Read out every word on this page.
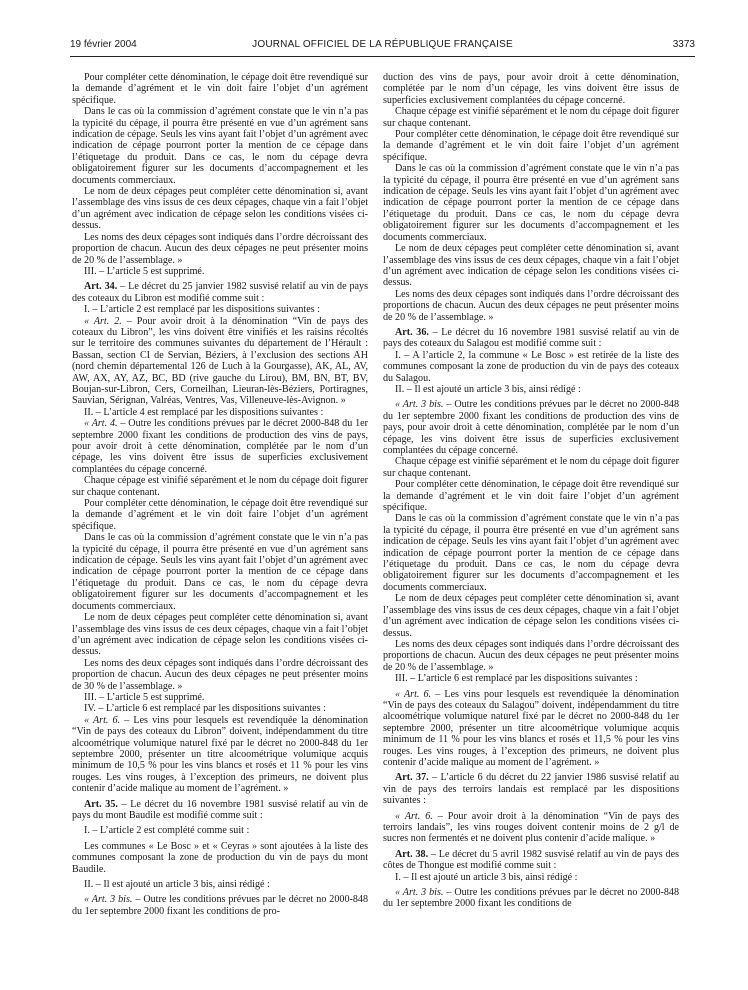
19 février 2004	JOURNAL OFFICIEL DE LA RÉPUBLIQUE FRANÇAISE	3373

Pour compléter cette dénomination, le cépage doit être revendiqué sur la demande d’agrément et le vin doit faire l’objet d’un agrément spécifique.

Dans le cas où la commission d’agrément constate que le vin n’a pas la typicité du cépage, il pourra être présenté en vue d’un agrément sans indication de cépage. Seuls les vins ayant fait l’objet d’un agrément avec indication de cépage pourront porter la mention de ce cépage dans l’étiquetage du produit. Dans ce cas, le nom du cépage devra obligatoirement figurer sur les documents d’accompagnement et les documents commerciaux.

Le nom de deux cépages peut compléter cette dénomination si, avant l’assemblage des vins issus de ces deux cépages, chaque vin a fait l’objet d’un agrément avec indication de cépage selon les conditions visées ci-dessus.

Les noms des deux cépages sont indiqués dans l’ordre décroissant des proportion de chacun. Aucun des deux cépages ne peut présenter moins de 20 % de l’assemblage. »

III. – L’article 5 est supprimé.

Art. 34. – Le décret du 25 janvier 1982 susvisé relatif au vin de pays des coteaux du Libron est modifié comme suit :

I. – L’article 2 est remplacé par les dispositions suivantes :

« Art. 2. – Pour avoir droit à la dénomination “Vin de pays des coteaux du Libron”, les vins doivent être vinifiés et les raisins récoltés sur le territoire des communes suivantes du département de l’Hérault : Bassan, section CI de Servian, Béziers, à l’exclusion des sections AH (nord chemin départemental 126 de Luch à la Gourgasse), AK, AL, AV, AW, AX, AY, AZ, BC, BD (rive gauche du Lirou), BM, BN, BT, BV, Boujan-sur-Libron, Cers, Corneilhan, Lieuran-lès-Béziers, Portiragnes, Sauvian, Sérignan, Valréas, Ventres, Vas, Villeneuve-lès-Avignon. »

II. – L’article 4 est remplacé par les dispositions suivantes :

« Art. 4. – Outre les conditions prévues par le décret 2000-848 du 1er septembre 2000 fixant les conditions de production des vins de pays, pour avoir droit à cette dénomination, complétée par le nom d’un cépage, les vins doivent être issus de superficies exclusivement complantées du cépage concerné.

Chaque cépage est vinifié séparément et le nom du cépage doit figurer sur chaque contenant.

Pour compléter cette dénomination, le cépage doit être revendiqué sur la demande d’agrément et le vin doit faire l’objet d’un agrément spécifique.

Dans le cas où la commission d’agrément constate que le vin n’a pas la typicité du cépage, il pourra être présenté en vue d’un agrément sans indication de cépage. Seuls les vins ayant fait l’objet d’un agrément avec indication de cépage pourront porter la mention de ce cépage dans l’étiquetage du produit. Dans ce cas, le nom du cépage devra obligatoirement figurer sur les documents d’accompagnement et les documents commerciaux.

Le nom de deux cépages peut compléter cette dénomination si, avant l’assemblage des vins issus de ces deux cépages, chaque vin a fait l’objet d’un agrément avec indication de cépage selon les conditions visées ci-dessus.

Les noms des deux cépages sont indiqués dans l’ordre décroissant des proportion de chacun. Aucun des deux cépages ne peut présenter moins de 30 % de l’assemblage. »

III. – L’article 5 est supprimé.

IV. – L’article 6 est remplacé par les dispositions suivantes :

« Art. 6. – Les vins pour lesquels est revendiquée la dénomination “Vin de pays des coteaux du Libron” doivent, indépendamment du titre alcoométrique volumique naturel fixé par le décret no 2000-848 du 1er septembre 2000, présenter un titre alcoométrique volumique acquis minimum de 10,5 % pour les vins blancs et rosés et 11 % pour les vins rouges. Les vins rouges, à l’exception des primeurs, ne doivent plus contenir d’acide malique au moment de l’agrément. »

Art. 35. – Le décret du 16 novembre 1981 susvisé relatif au vin de pays du mont Baudile est modifié comme suit :

I. – L’article 2 est complété comme suit :

Les communes « Le Bosc » et « Ceyras » sont ajoutées à la liste des communes composant la zone de production du vin de pays du mont Baudile.

II. – Il est ajouté un article 3 bis, ainsi rédigé :

« Art. 3 bis. – Outre les conditions prévues par le décret no 2000-848 du 1er septembre 2000 fixant les conditions de pro-

duction des vins de pays, pour avoir droit à cette dénomination, complétée par le nom d’un cépage, les vins doivent être issus de superficies exclusivement complantées du cépage concerné.

Chaque cépage est vinifié séparément et le nom du cépage doit figurer sur chaque contenant.

Pour compléter cette dénomination, le cépage doit être revendiqué sur la demande d’agrément et le vin doit faire l’objet d’un agrément spécifique.

Dans le cas où la commission d’agrément constate que le vin n’a pas la typicité du cépage, il pourra être présenté en vue d’un agrément sans indication de cépage. Seuls les vins ayant fait l’objet d’un agrément avec indication de cépage pourront porter la mention de ce cépage dans l’étiquetage du produit. Dans ce cas, le nom du cépage devra obligatoirement figurer sur les documents d’accompagnement et les documents commerciaux.

Le nom de deux cépages peut compléter cette dénomination si, avant l’assemblage des vins issus de ces deux cépages, chaque vin a fait l’objet d’un agrément avec indication de cépage selon les conditions visées ci-dessus.

Les noms des deux cépages sont indiqués dans l’ordre décroissant des proportions de chacun. Aucun des deux cépages ne peut présenter moins de 20 % de l’assemblage. »

Art. 36. – Le décret du 16 novembre 1981 susvisé relatif au vin de pays des coteaux du Salagou est modifié comme suit :

I. – A l’article 2, la commune « Le Bosc » est retirée de la liste des communes composant la zone de production du vin de pays des coteaux du Salagou.

II. – Il est ajouté un article 3 bis, ainsi rédigé :

« Art. 3 bis. – Outre les conditions prévues par le décret no 2000-848 du 1er septembre 2000 fixant les conditions de production des vins de pays, pour avoir droit à cette dénomination, complétée par le nom d’un cépage, les vins doivent être issus de superficies exclusivement complantées du cépage concerné.

Chaque cépage est vinifié séparément et le nom du cépage doit figurer sur chaque contenant.

Pour compléter cette dénomination, le cépage doit être revendiqué sur la demande d’agrément et le vin doit faire l’objet d’un agrément spécifique.

Dans le cas où la commission d’agrément constate que le vin n’a pas la typicité du cépage, il pourra être présenté en vue d’un agrément sans indication de cépage. Seuls les vins ayant fait l’objet d’un agrément avec indication de cépage pourront porter la mention de ce cépage dans l’étiquetage du produit. Dans ce cas, le nom du cépage devra obligatoirement figurer sur les documents d’accompagnement et les documents commerciaux.

Le nom de deux cépages peut compléter cette dénomination si, avant l’assemblage des vins issus de ces deux cépages, chaque vin a fait l’objet d’un agrément avec indication de cépage selon les conditions visées ci-dessus.

Les noms des deux cépages sont indiqués dans l’ordre décroissant des proportions de chacun. Aucun des deux cépages ne peut présenter moins de 20 % de l’assemblage. »

III. – L’article 6 est remplacé par les dispositions suivantes :

« Art. 6. – Les vins pour lesquels est revendiquée la dénomination “Vin de pays des coteaux du Salagou” doivent, indépendamment du titre alcoométrique volumique naturel fixé par le décret no 2000-848 du 1er septembre 2000, présenter un titre alcoométrique volumique acquis minimum de 11 % pour les vins blancs et rosés et 11,5 % pour les vins rouges. Les vins rouges, à l’exception des primeurs, ne doivent plus contenir d’acide malique au moment de l’agrément. »

Art. 37. – L’article 6 du décret du 22 janvier 1986 susvisé relatif au vin de pays des terroirs landais est remplacé par les dispositions suivantes :

« Art. 6. – Pour avoir droit à la dénomination “Vin de pays des terroirs landais”, les vins rouges doivent contenir moins de 2 g/l de sucres non fermentés et ne doivent plus contenir d’acide malique. »

Art. 38. – Le décret du 5 avril 1982 susvisé relatif au vin de pays des côtes de Thongue est modifié comme suit :

I. – Il est ajouté un article 3 bis, ainsi rédigé :

« Art. 3 bis. – Outre les conditions prévues par le décret no 2000-848 du 1er septembre 2000 fixant les conditions de
